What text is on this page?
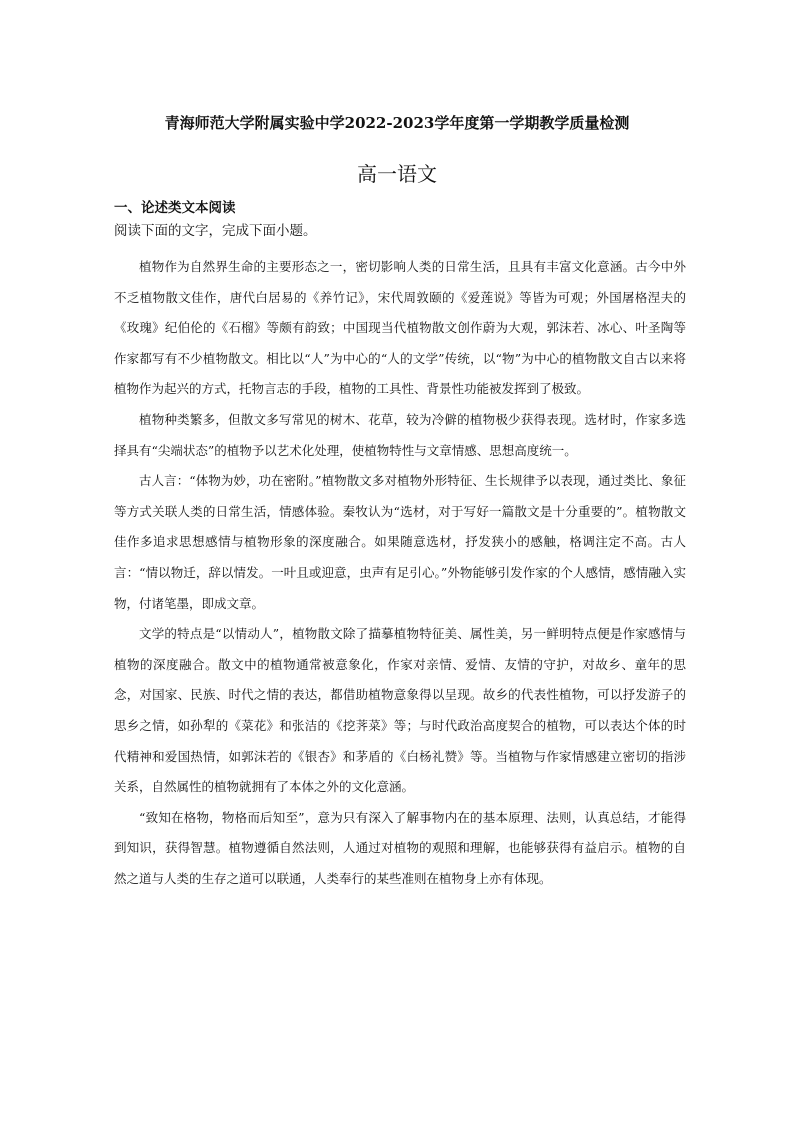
青海师范大学附属实验中学2022-2023学年度第一学期教学质量检测
高一语文
一、论述类文本阅读
阅读下面的文字，完成下面小题。

植物作为自然界生命的主要形态之一，密切影响人类的日常生活，且具有丰富文化意涵。古今中外不乏植物散文佳作，唐代白居易的《养竹记》，宋代周敦颐的《爱莲说》等皆为可观；外国屠格涅夫的《玫瑰》纪伯伦的《石榴》等颇有韵致；中国现当代植物散文创作蔚为大观，郭沫若、冰心、叶圣陶等作家都写有不少植物散文。相比以“人”为中心的“人的文学”传统，以“物”为中心的植物散文自古以来将植物作为起兴的方式，托物言志的手段，植物的工具性、背景性功能被发挥到了极致。

植物种类繁多，但散文多写常见的树木、花草，较为冷僻的植物极少获得表现。选材时，作家多选择具有“尖端状态”的植物予以艺术化处理，使植物特性与文章情感、思想高度统一。

古人言：“体物为妙，功在密附。”植物散文多对植物外形特征、生长规律予以表现，通过类比、象征等方式关联人类的日常生活，情感体验。秦牧认为“选材，对于写好一篇散文是十分重要的”。植物散文佳作多追求思想感情与植物形象的深度融合。如果随意选材，抒发狭小的感触，格调注定不高。古人言：“情以物迁，辞以情发。一叶且或迎意，虫声有足引心。”外物能够引发作家的个人感情，感情融入实物，付诸笔墨，即成文章。

文学的特点是“以情动人”，植物散文除了描摹植物特征美、属性美，另一鲜明特点便是作家感情与植物的深度融合。散文中的植物通常被意象化，作家对亲情、爱情、友情的守护，对故乡、童年的思念，对国家、民族、时代之情的表达，都借助植物意象得以呈现。故乡的代表性植物，可以抒发游子的思乡之情，如孙犁的《菜花》和张洁的《挖荠菜》等；与时代政治高度契合的植物，可以表达个体的时代精神和爱国热情，如郭沫若的《银杏》和茅盾的《白杨礼赞》等。当植物与作家情感建立密切的指涉关系，自然属性的植物就拥有了本体之外的文化意涵。

“致知在格物，物格而后知至”，意为只有深入了解事物内在的基本原理、法则，认真总结，才能得到知识，获得智慧。植物遵循自然法则，人通过对植物的观照和理解，也能够获得有益启示。植物的自然之道与人类的生存之道可以联通，人类奉行的某些准则在植物身上亦有体现。
